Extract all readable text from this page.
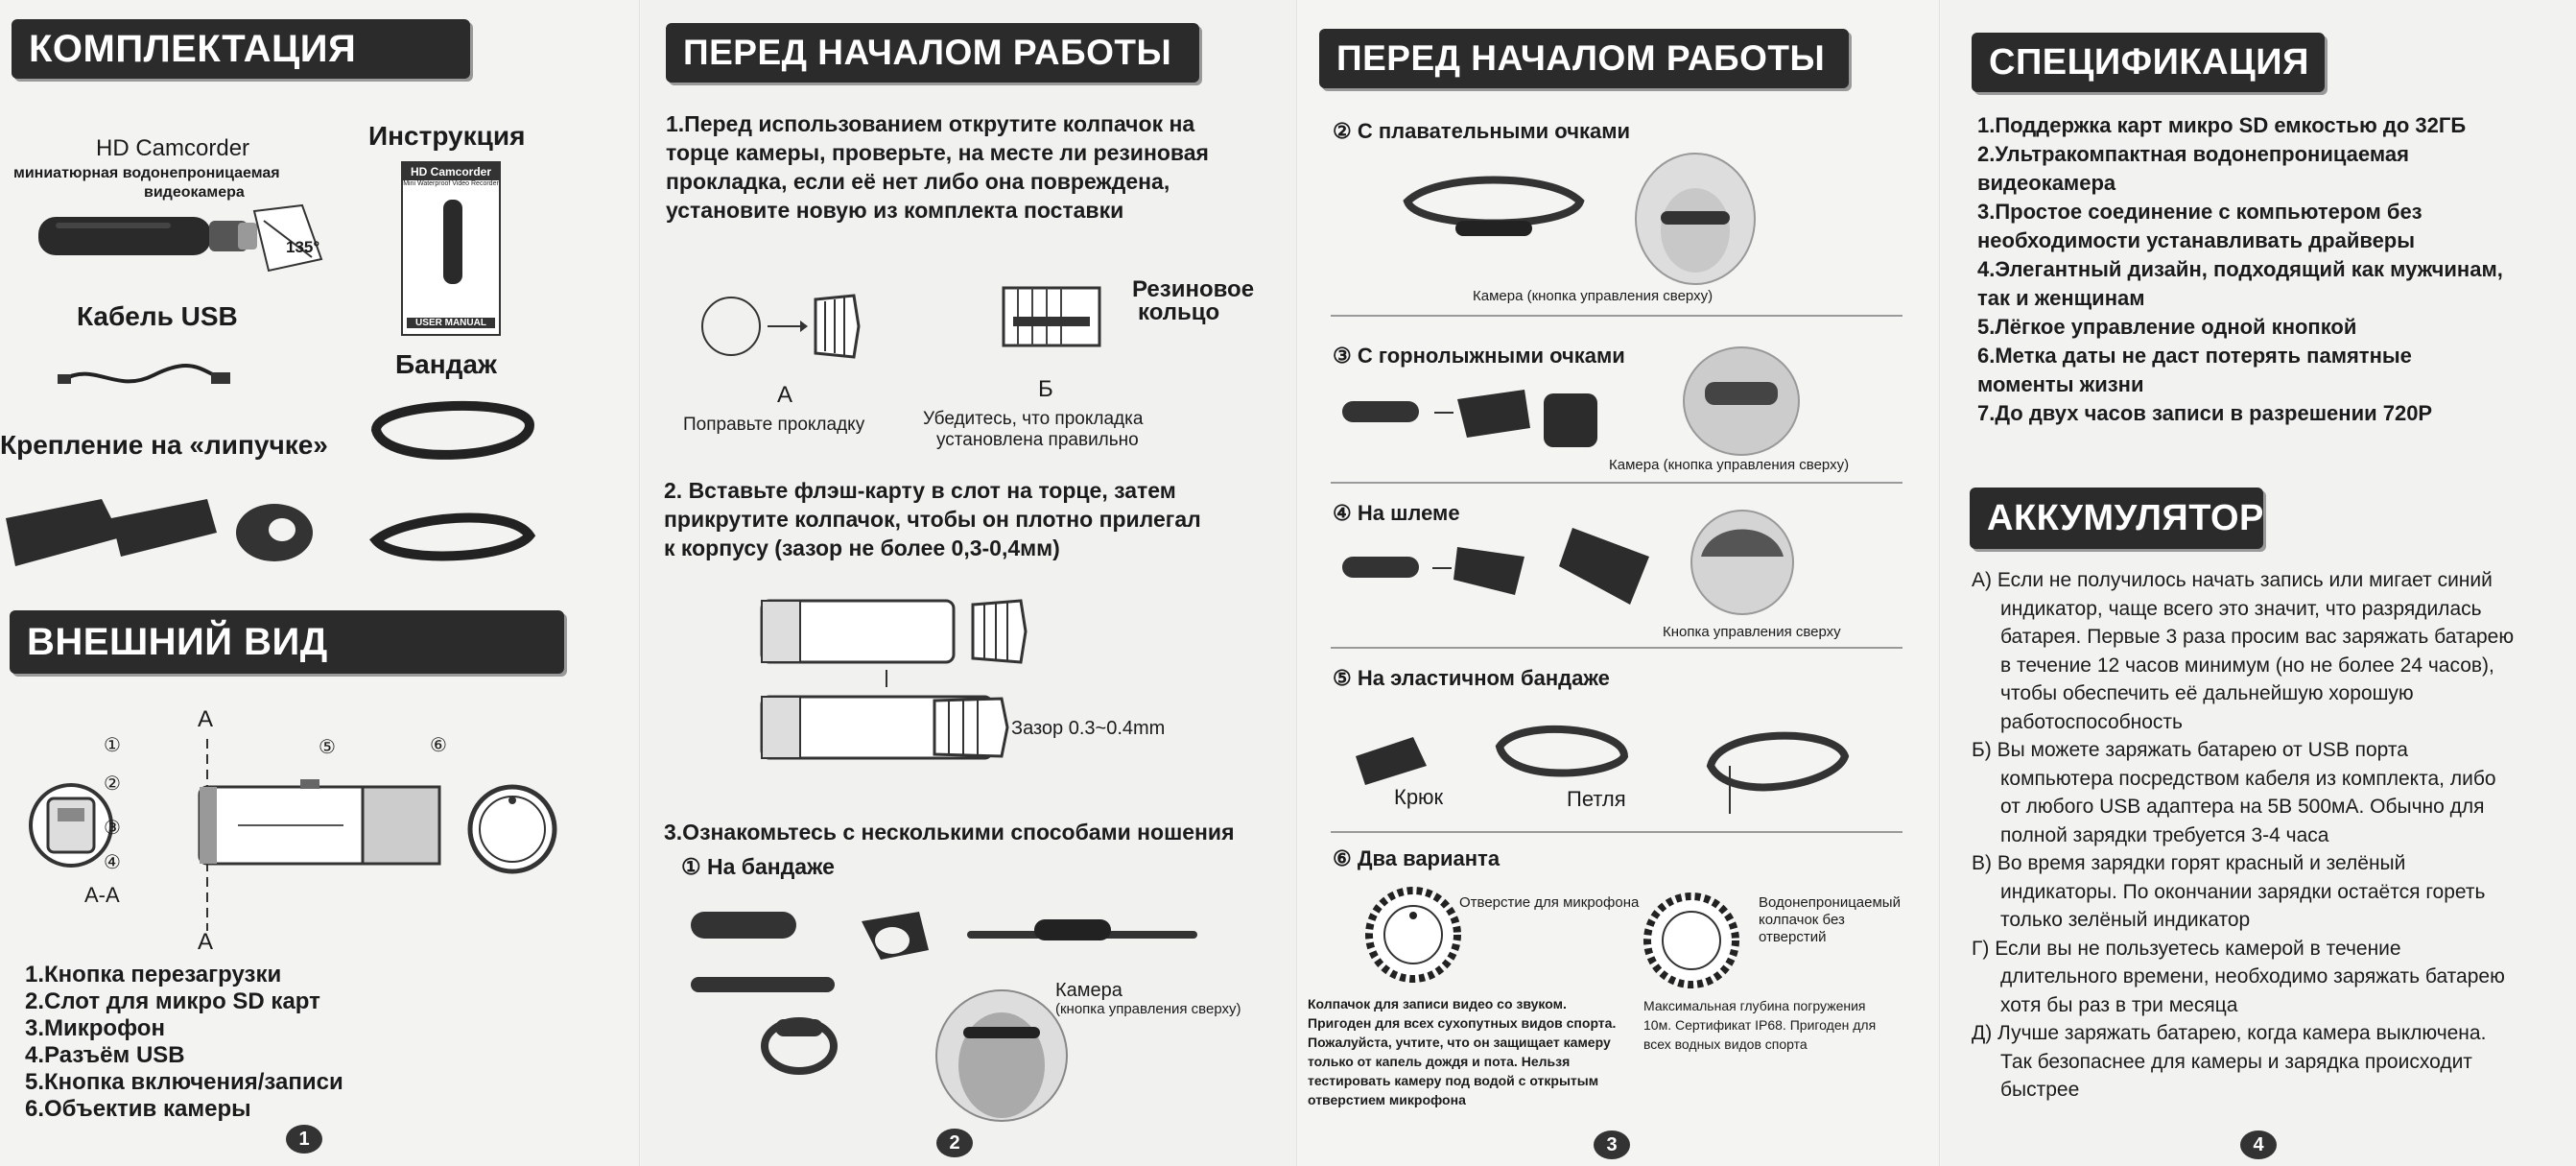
КОМПЛЕКТАЦИЯ
HD Camcorder
миниатюрная водонепроницаемая
видеокамера
135°
Инструкция
HD Camcorder
Mini Waterproof Video Recorder
USER MANUAL
Кабель USB
Бандаж
Крепление на «липучке»
ВНЕШНИЙ ВИД
A
A
①
②
③
④
A-A
⑤	⑥
1.Кнопка перезагрузки
2.Слот для микро SD карт
3.Микрофон
4.Разъём USB
5.Кнопка включения/записи
6.Объектив камеры
1
ПЕРЕД НАЧАЛОМ РАБОТЫ
1.Перед использованием открутите колпачок на
торце камеры, проверьте, на месте ли резиновая
прокладка, если её нет либо она повреждена,
установите новую из комплекта поставки
Резиновое
кольцо
A
Поправьте прокладку
Б
Убедитесь, что прокладка
установлена правильно
2. Вставьте флэш-карту в слот на торце, затем
прикрутите колпачок, чтобы он плотно прилегал
к корпусу (зазор не более 0,3-0,4мм)
Зазор 0.3~0.4mm
3.Ознакомьтесь с несколькими способами ношения
① На бандаже
Камера
(кнопка управления сверху)
2
ПЕРЕД НАЧАЛОМ РАБОТЫ
② С плавательными очками
Камера (кнопка управления сверху)
③ С горнолыжными очками
Камера (кнопка управления сверху)
④ На шлеме
Кнопка управления сверху
⑤ На эластичном бандаже
Крюк	Петля
⑥ Два варианта
Отверстие для микрофона	Водонепроницаемый
колпачок без
отверстий
Колпачок для записи видео со звуком.
Пригоден для всех сухопутных видов спорта.
Пожалуйста, учтите, что он защищает камеру
только от капель дождя и пота. Нельзя
тестировать камеру под водой с открытым
отверстием микрофона
Максимальная глубина погружения
10м. Сертификат IP68. Пригоден для
всех водных видов спорта
3
СПЕЦИФИКАЦИЯ
1.Поддержка карт микро SD емкостью до 32ГБ
2.Ультракомпактная водонепроницаемая
видеокамера
3.Простое соединение с компьютером без
необходимости устанавливать драйверы
4.Элегантный дизайн, подходящий как мужчинам,
так и женщинам
5.Лёгкое управление одной кнопкой
6.Метка даты не даст потерять памятные
моменты жизни
7.До двух часов записи в разрешении 720P
АККУМУЛЯТОР
А) Если не получилось начать запись или мигает синий
индикатор, чаще всего это значит, что разрядилась
батарея. Первые 3 раза просим вас заряжать батарею
в течение 12 часов минимум (но не более 24 часов),
чтобы обеспечить её дальнейшую хорошую
работоспособность
Б) Вы можете заряжать батарею от USB порта
компьютера посредством кабеля из комплекта, либо
от любого USB адаптера на 5В 500мА. Обычно для
полной зарядки требуется 3-4 часа
В) Во время зарядки горят красный и зелёный
индикаторы. По окончании зарядки остаётся гореть
только зелёный индикатор
Г) Если вы не пользуетесь камерой в течение
длительного времени, необходимо заряжать батарею
хотя бы раз в три месяца
Д) Лучше заряжать батарею, когда камера выключена.
Так безопаснее для камеры и зарядка происходит
быстрее
4
